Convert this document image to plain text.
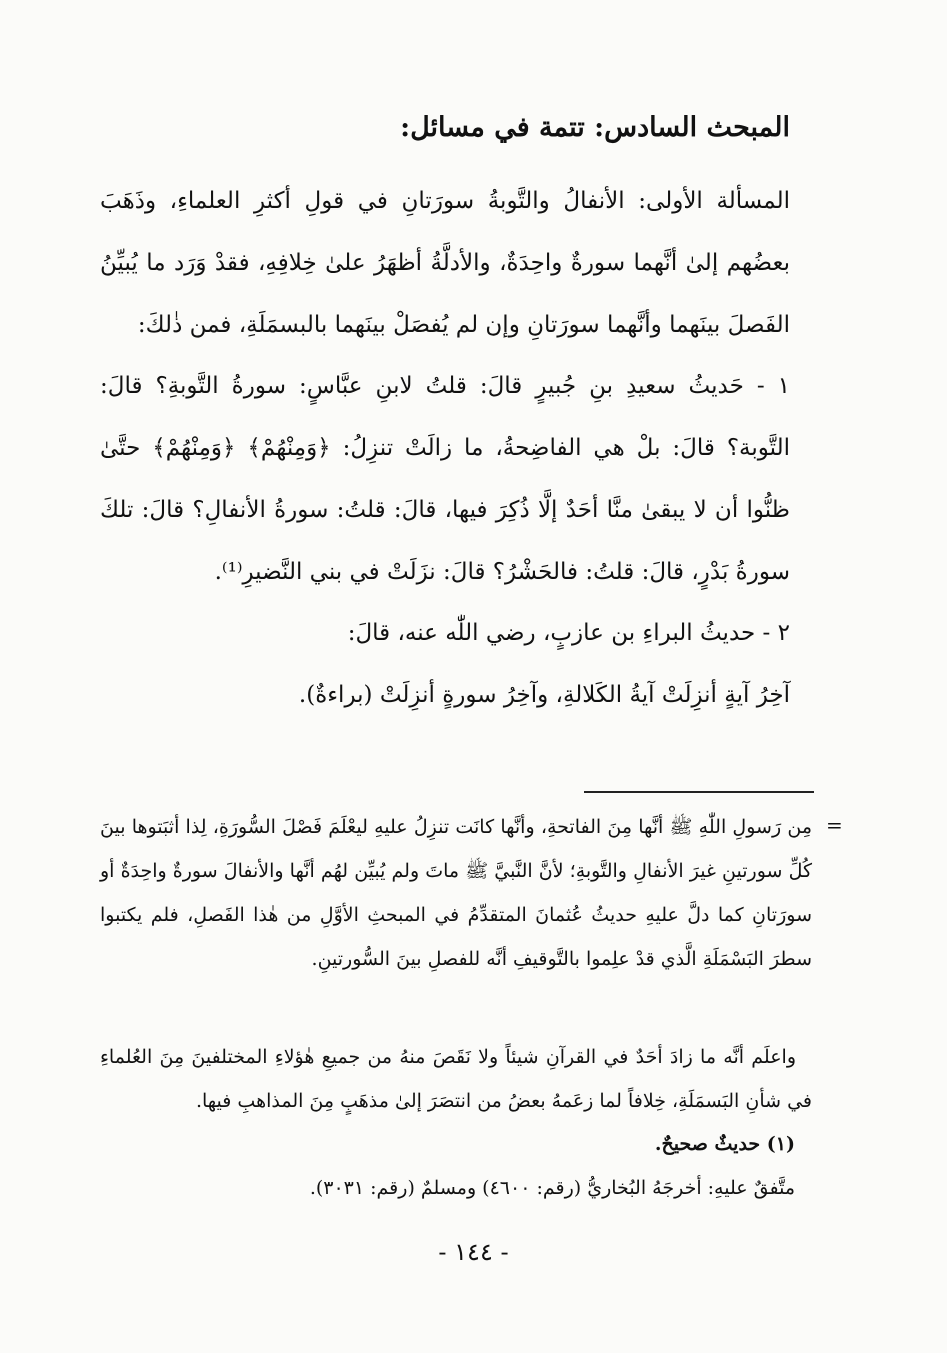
المبحث السادس: تتمة في مسائل:

المسألة الأولى: الأنفالُ والتَّوبةُ سورَتانِ في قولِ أكثرِ العلماءِ، وذَهَبَ بعضُهم إلىٰ أنَّهما سورةٌ واحِدَةٌ، والأدلَّةُ أظهَرُ علىٰ خِلافِهِ، فقدْ وَرَد ما يُبيِّنُ الفَصلَ بينَهما وأنَّهما سورَتانِ وإن لم يُفصَلْ بينَهما بالبسمَلَةِ، فمن ذٰلكَ:

١ - حَديثُ سعيدِ بنِ جُبيرٍ قالَ: قلتُ لابنِ عبَّاسٍ: سورةُ التَّوبةِ؟ قالَ: التَّوبة؟ قالَ: بلْ هي الفاضِحةُ، ما زالَتْ تنزِلُ: ﴿وَمِنْهُمْ﴾ ﴿وَمِنْهُمْ﴾ حتَّىٰ ظنُّوا أن لا يبقىٰ منَّا أحَدٌ إلَّا ذُكِرَ فيها، قالَ: قلتُ: سورةُ الأنفالِ؟ قالَ: تلكَ سورةُ بَدْرٍ، قالَ: قلتُ: فالحَشْرُ؟ قالَ: نزَلَتْ في بني النَّضيرِ⁽¹⁾.

٢ - حديثُ البراءِ بن عازبٍ، رضي اللّٰه عنه، قالَ:

آخِرُ آيةٍ أنزِلَتْ آيةُ الكَلالةِ، وآخِرُ سورةٍ أنزِلَتْ (براءةٌ).

=

مِن رَسولِ اللّٰهِ ﷺ أنَّها مِنَ الفاتحةِ، وأنَّها كانَت تنزِلُ عليهِ ليعْلَمَ فَصْلَ السُّورَةِ، لِذا أثبَتوها بينَ كُلِّ سورتينِ غيرَ الأنفالِ والتَّوبةِ؛ لأنَّ النَّبيَّ ﷺ ماتَ ولم يُبيِّن لهُم أنَّها والأنفالَ سورةٌ واحِدَةٌ أو سورَتانِ كما دلَّ عليهِ حديثُ عُثمانَ المتقدِّمُ في المبحثِ الأوَّلِ من هٰذا الفَصلِ، فلم يكتبوا سطرَ البَسْمَلَةِ الَّذي قدْ علِموا بالتَّوقيفِ أنَّه للفصلِ بينَ السُّورتينِ.

واعلَم أنَّه ما زادَ أحَدٌ في القرآنِ شيئاً ولا نَقَصَ منهُ من جميعِ هٰؤلاءِ المختلفينَ مِنَ العُلماءِ في شأنِ البَسمَلَةِ، خِلافاً لما زعَمهُ بعضُ من انتصَرَ إلىٰ مذهَبٍ مِنَ المذاهبِ فيها.

(١) حديثٌ صحيحٌ.

متَّفقٌ عليهِ: أخرجَهُ البُخاريُّ (رقم: ٤٦٠٠) ومسلمٌ (رقم: ٣٠٣١).

- ١٤٤ -
